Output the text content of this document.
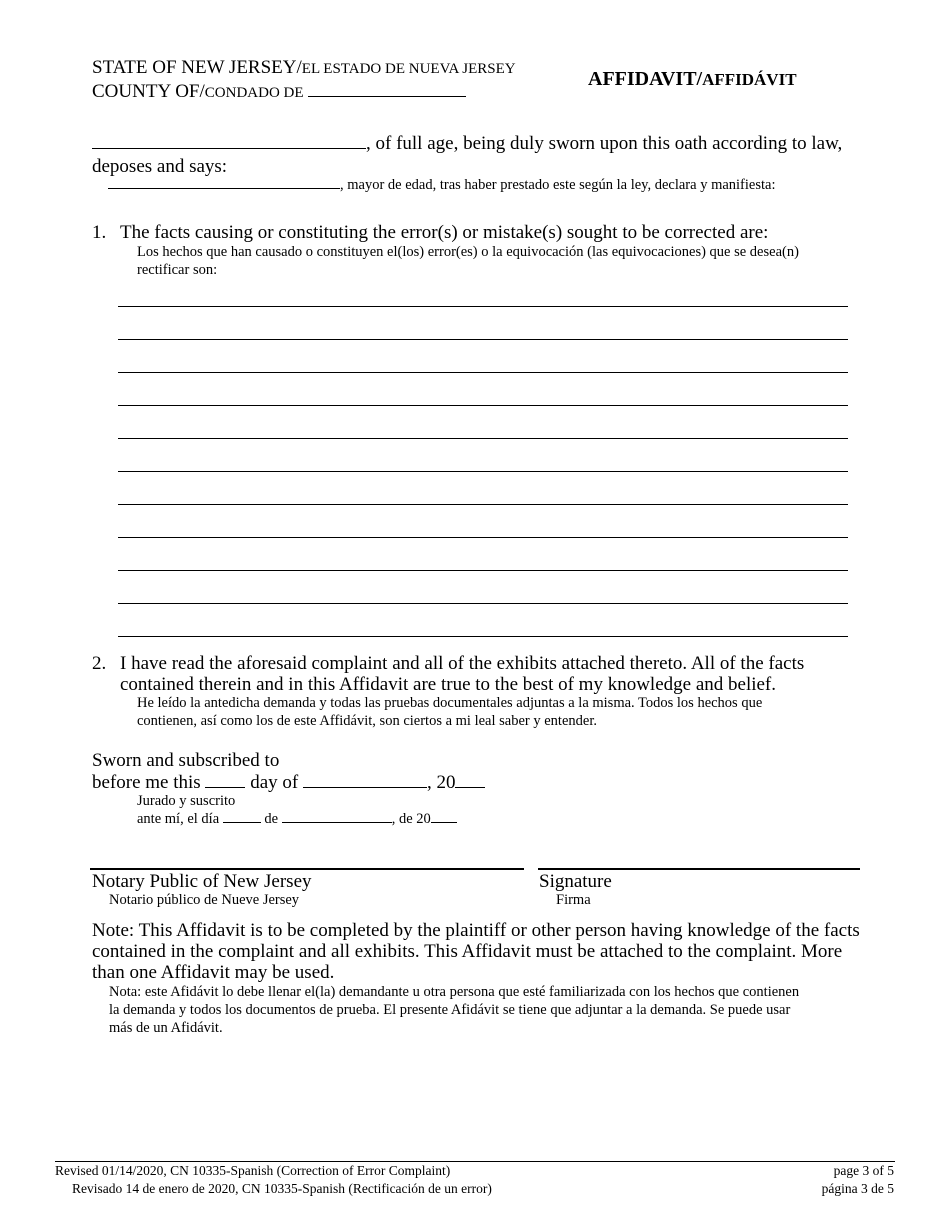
STATE OF NEW JERSEY/EL ESTADO DE NUEVA JERSEY
COUNTY OF/CONDADO DE
AFFIDAVIT/AFFIDÁVIT
, of full age, being duly sworn upon this oath according to law,
deposes and says:
, mayor de edad, tras haber prestado este según la ley, declara y manifiesta:
1. The facts causing or constituting the error(s) or mistake(s) sought to be corrected are:
Los hechos que han causado o constituyen el(los) error(es) o la equivocación (las equivocaciones) que se desea(n) rectificar son:
2. I have read the aforesaid complaint and all of the exhibits attached thereto. All of the facts
contained therein and in this Affidavit are true to the best of my knowledge and belief.
He leído la antedicha demanda y todas las pruebas documentales adjuntas a la misma. Todos los hechos que
contienen, así como los de este Affidávit, son ciertos a mi leal saber y entender.
Sworn and subscribed to
before me this	day of	, 20
Jurado y suscrito
ante mí, el día	de	, de 20
Notary Public of New Jersey
Notario público de Nueve Jersey
Signature
Firma
Note: This Affidavit is to be completed by the plaintiff or other person having knowledge of the facts
contained in the complaint and all exhibits. This Affidavit must be attached to the complaint. More
than one Affidavit may be used.
Nota: este Afidávit lo debe llenar el(la) demandante u otra persona que esté familiarizada con los hechos que contienen
la demanda y todos los documentos de prueba. El presente Afidávit se tiene que adjuntar a la demanda. Se puede usar
más de un Afidávit.
Revised 01/14/2020, CN 10335-Spanish (Correction of Error Complaint)
Revisado 14 de enero de 2020, CN 10335-Spanish (Rectificación de un error)
page 3 of 5
página 3 de 5
